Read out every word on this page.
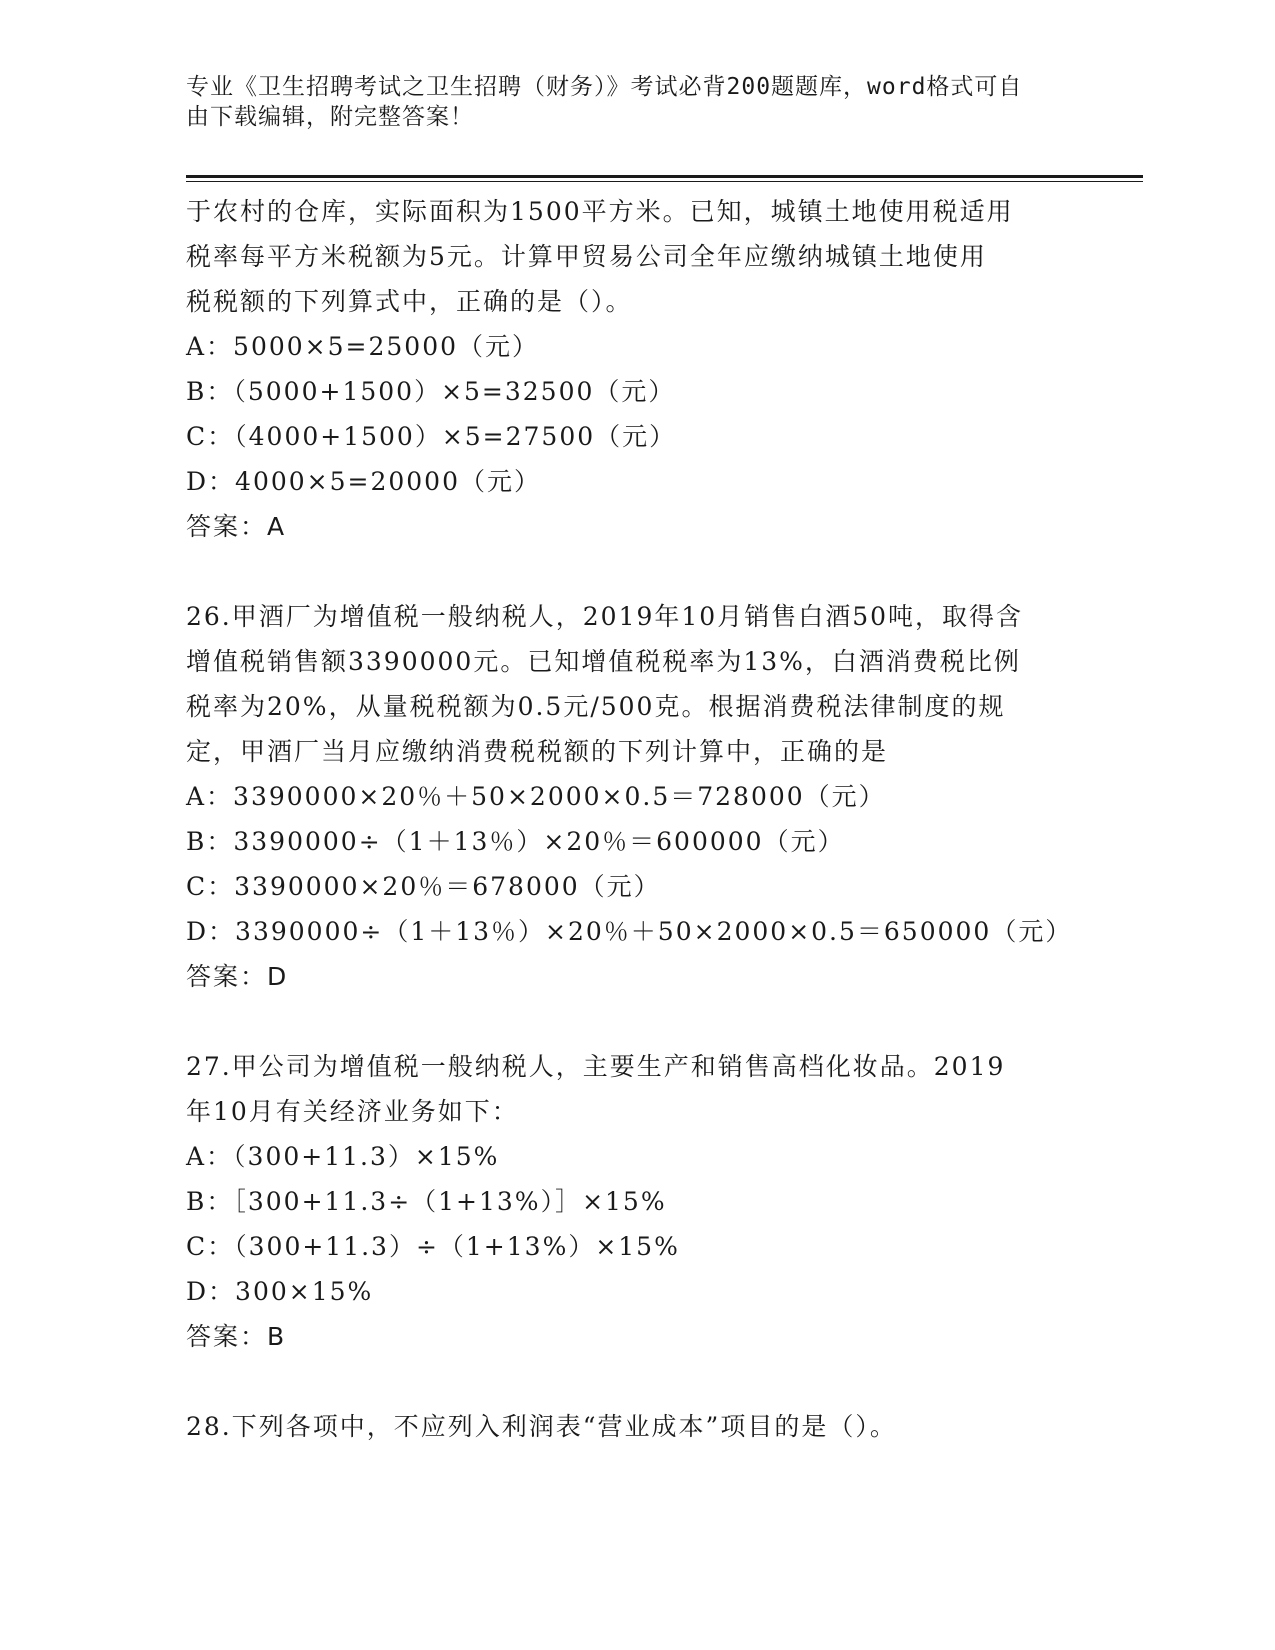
专业《卫生招聘考试之卫生招聘（财务）》考试必背200题题库，word格式可自
由下载编辑，附完整答案！
于农村的仓库，实际面积为1500平方米。已知，城镇土地使用税适用
税率每平方米税额为5元。计算甲贸易公司全年应缴纳城镇土地使用
税税额的下列算式中，正确的是（）。
A：5000×5=25000（元）
B：（5000+1500）×5=32500（元）
C：（4000+1500）×5=27500（元）
D：4000×5=20000（元）
答案：A
26.甲酒厂为增值税一般纳税人，2019年10月销售白酒50吨，取得含
增值税销售额3390000元。已知增值税税率为13%，白酒消费税比例
税率为20%，从量税税额为0.5元/500克。根据消费税法律制度的规
定，甲酒厂当月应缴纳消费税税额的下列计算中，正确的是
A：3390000×20％＋50×2000×0.5＝728000（元）
B：3390000÷（1＋13％）×20％＝600000（元）
C：3390000×20％＝678000（元）
D：3390000÷（1＋13％）×20％＋50×2000×0.5＝650000（元）
答案：D
27.甲公司为增值税一般纳税人，主要生产和销售高档化妆品。2019
年10月有关经济业务如下：
A：（300+11.3）×15%
B：［300+11.3÷（1+13%）］×15%
C：（300+11.3）÷（1+13%）×15%
D：300×15%
答案：B
28.下列各项中，不应列入利润表“营业成本”项目的是（）。
